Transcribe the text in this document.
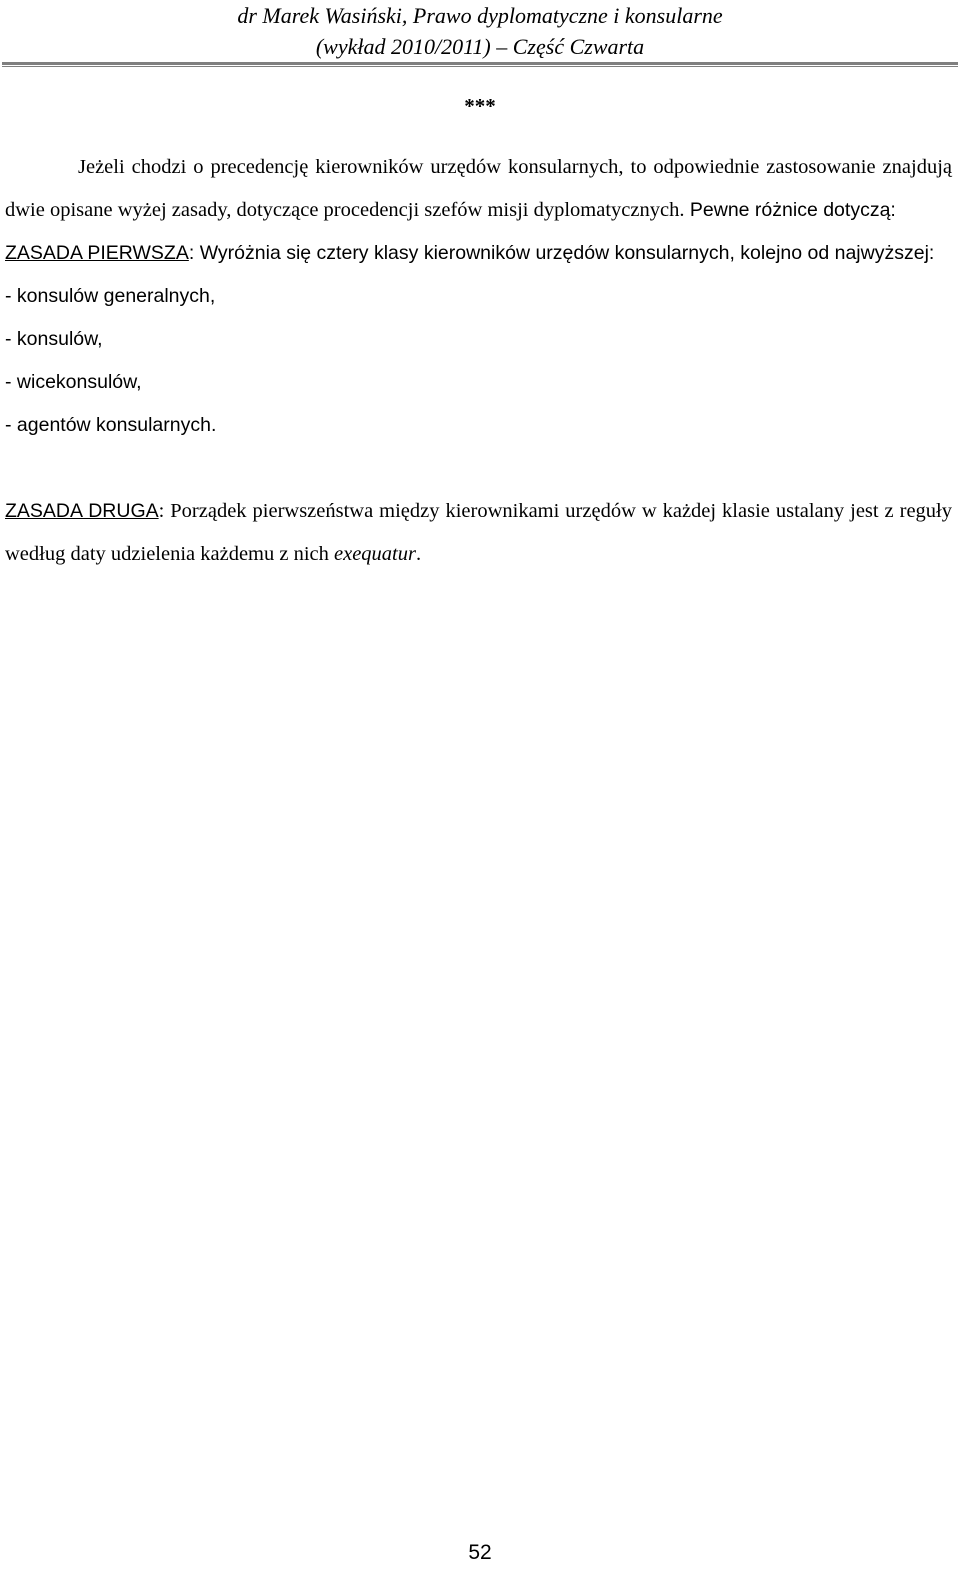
dr Marek Wasiński, Prawo dyplomatyczne i konsularne
(wykład 2010/2011) – Część Czwarta
***

Jeżeli chodzi o precedencję kierowników urzędów konsularnych, to odpowiednie zastosowanie znajdują dwie opisane wyżej zasady, dotyczące procedencji szefów misji dyplomatycznych. Pewne różnice dotyczą:

ZASADA PIERWSZA: Wyróżnia się cztery klasy kierowników urzędów konsularnych, kolejno od najwyższej:

- konsulów generalnych,

- konsulów,

- wicekonsulów,

- agentów konsularnych.

ZASADA DRUGA: Porządek pierwszeństwa między kierownikami urzędów w każdej klasie ustalany jest z reguły według daty udzielenia każdemu z nich exequatur.

52
